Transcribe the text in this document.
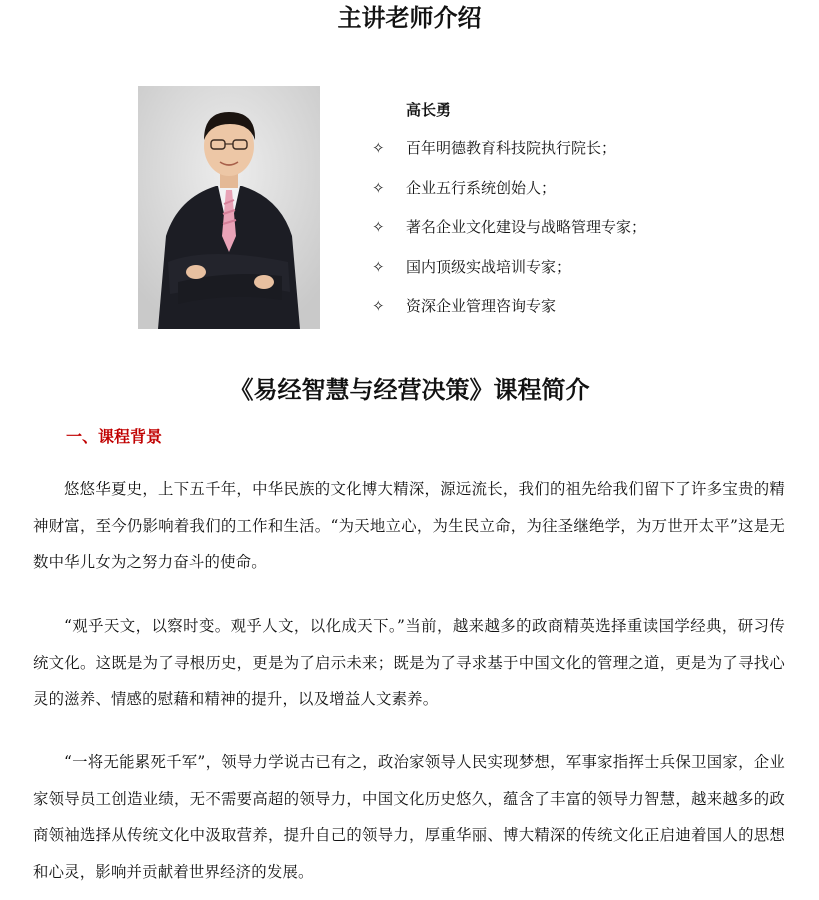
主讲老师介绍
高长勇
✧	百年明德教育科技院执行院长；
✧	企业五行系统创始人；
✧	著名企业文化建设与战略管理专家；
✧	国内顶级实战培训专家；
✧	资深企业管理咨询专家
《易经智慧与经营决策》课程简介
一、课程背景

悠悠华夏史，上下五千年，中华民族的文化博大精深，源远流长，我们的祖先给我们留下了许多宝贵的精神财富，至今仍影响着我们的工作和生活。“为天地立心，为生民立命，为往圣继绝学，为万世开太平”这是无数中华儿女为之努力奋斗的使命。

“观乎天文，以察时变。观乎人文，以化成天下。”当前，越来越多的政商精英选择重读国学经典，研习传统文化。这既是为了寻根历史，更是为了启示未来；既是为了寻求基于中国文化的管理之道，更是为了寻找心灵的滋养、情感的慰藉和精神的提升，以及增益人文素养。

“一将无能累死千军”，领导力学说古已有之，政治家领导人民实现梦想，军事家指挥士兵保卫国家，企业家领导员工创造业绩，无不需要高超的领导力，中国文化历史悠久，蕴含了丰富的领导力智慧，越来越多的政商领袖选择从传统文化中汲取营养，提升自己的领导力，厚重华丽、博大精深的传统文化正启迪着国人的思想和心灵，影响并贡献着世界经济的发展。
